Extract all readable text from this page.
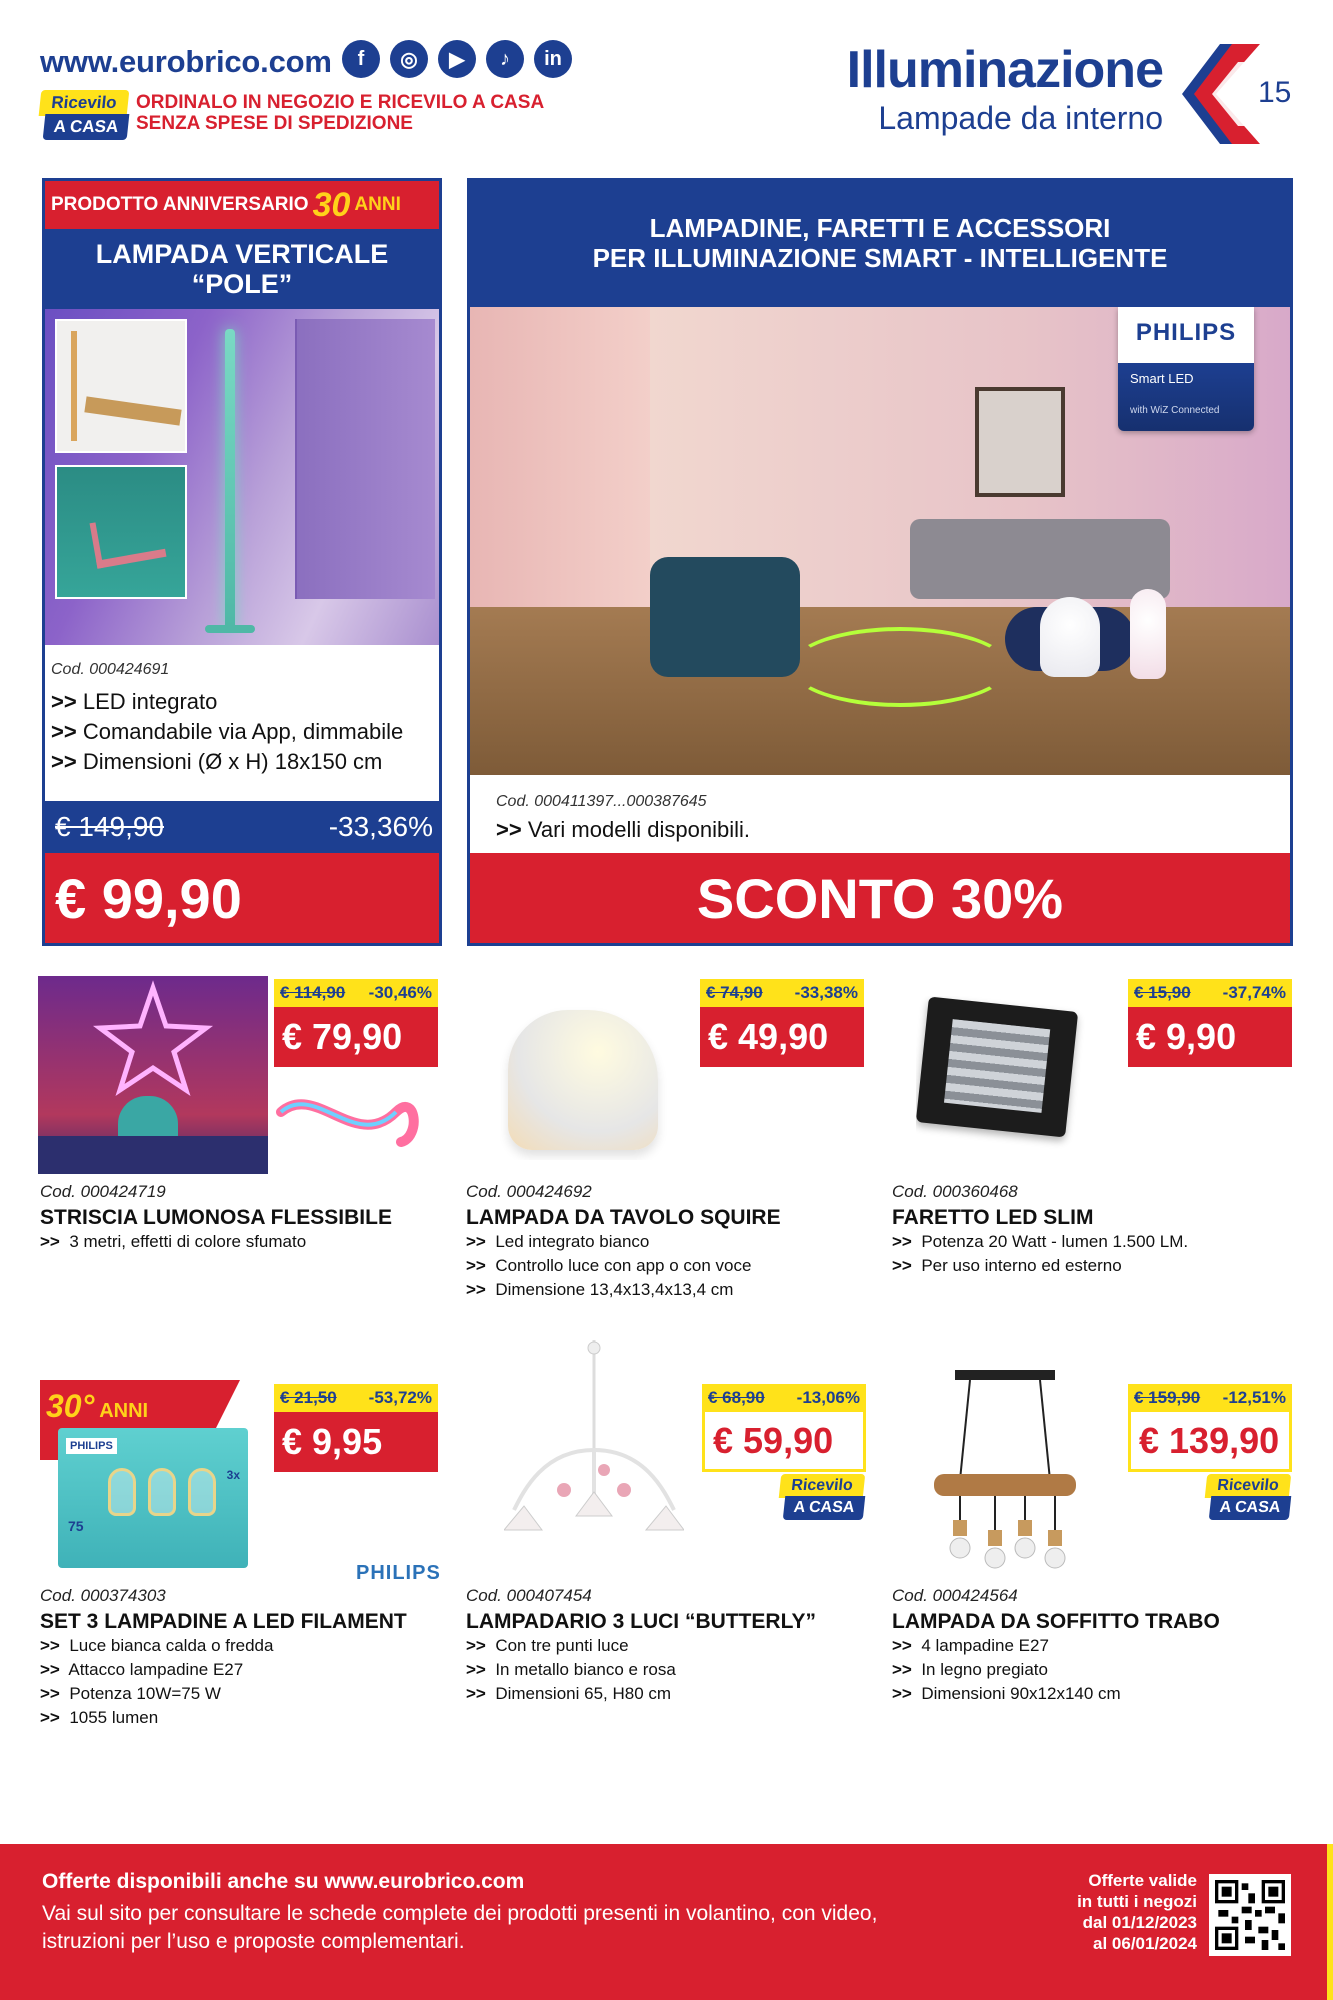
www.eurobrico.com	f	◎	▶	♪	in
Ricevilo
A CASA
ORDINALO IN NEGOZIO E RICEVILO A CASA
SENZA SPESE DI SPEDIZIONE
Illuminazione
Lampade da interno
15
PRODOTTO ANNIVERSARIO 30 ANNI
LAMPADA VERTICALE
“POLE”
Cod. 000424691
>> LED integrato
>> Comandabile via App, dimmabile
>> Dimensioni (Ø x H) 18x150 cm
€ 149,90	-33,36%
€ 99,90
LAMPADINE, FARETTI E ACCESSORI
PER ILLUMINAZIONE SMART - INTELLIGENTE
PHILIPS
Smart LED
with WiZ Connected
Cod. 000411397...000387645
>> Vari modelli disponibili.
SCONTO 30%
€ 114,90 -30,46%
€ 79,90
Cod. 000424719
STRISCIA LUMONOSA FLESSIBILE
>> 3 metri, effetti di colore sfumato
€ 74,90 -33,38%
€ 49,90
Cod. 000424692
LAMPADA DA TAVOLO SQUIRE
>> Led integrato bianco
>> Controllo luce con app o con voce
>> Dimensione 13,4x13,4x13,4 cm
€ 15,90 -37,74%
€ 9,90
Cod. 000360468
FARETTO LED SLIM
>> Potenza 20 Watt - lumen 1.500 LM.
>> Per uso interno ed esterno
30° ANNI
PHILIPS
3x
75
€ 21,50 -53,72%
€ 9,95
PHILIPS
Cod. 000374303
SET 3 LAMPADINE A LED FILAMENT
>> Luce bianca calda o fredda
>> Attacco lampadine E27
>> Potenza 10W=75 W
>> 1055 lumen
€ 68,90 -13,06%
€ 59,90
Ricevilo
A CASA
Cod. 000407454
LAMPADARIO 3 LUCI “BUTTERLY”
>> Con tre punti luce
>> In metallo bianco e rosa
>> Dimensioni 65, H80 cm
€ 159,90 -12,51%
€ 139,90
Ricevilo
A CASA
Cod. 000424564
LAMPADA DA SOFFITTO TRABO
>> 4 lampadine E27
>> In legno pregiato
>> Dimensioni 90x12x140 cm
Offerte disponibili anche su www.eurobrico.com
Vai sul sito per consultare le schede complete dei prodotti presenti in volantino, con video, istruzioni per l’uso e proposte complementari.
Offerte valide
in tutti i negozi
dal 01/12/2023
al 06/01/2024
